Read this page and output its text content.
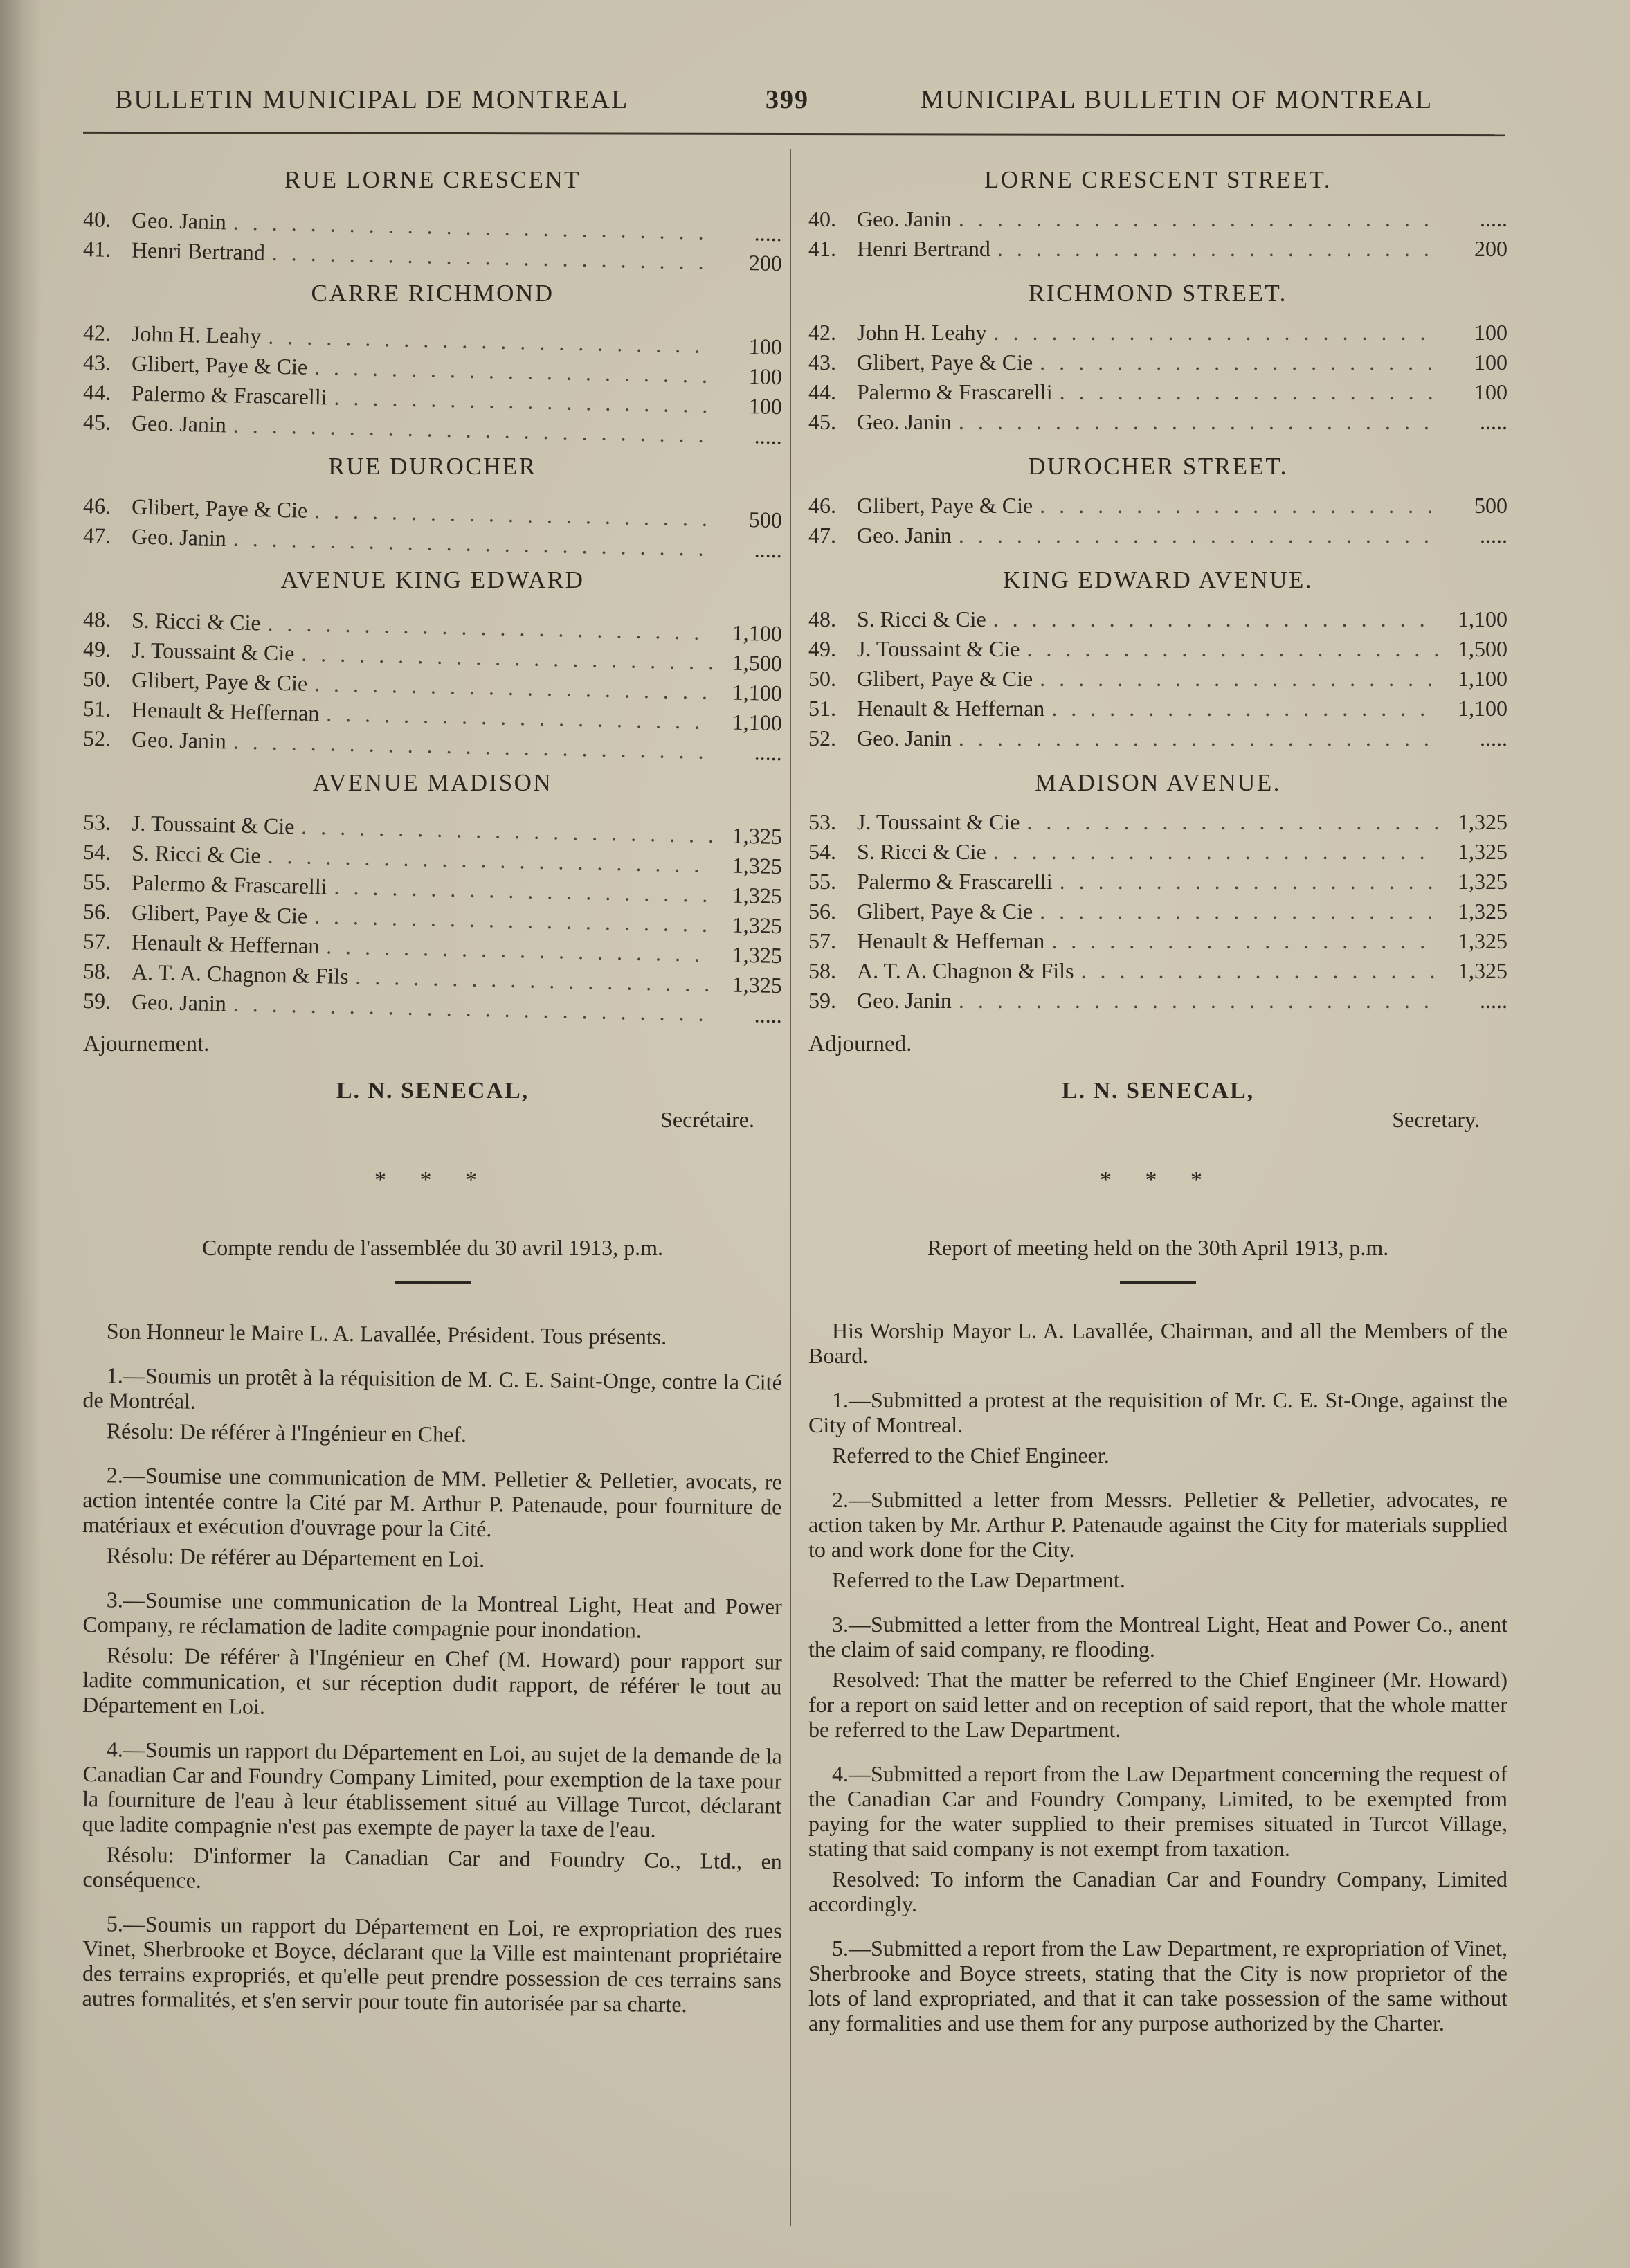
BULLETIN MUNICIPAL DE MONTREAL	399	MUNICIPAL BULLETIN OF MONTREAL
RUE LORNE CRESCENT
40. Geo. Janin . . .	.....
41. Henri Bertrand . . .	200
CARRE RICHMOND
42. John H. Leahy . . .	100
43. Glibert, Paye & Cie . . .	100
44. Palermo & Frascarelli . . .	100
45. Geo. Janin . . .	.....
RUE DUROCHER
46. Glibert, Paye & Cie . . .	500
47. Geo. Janin . . .	.....
AVENUE KING EDWARD
48. S. Ricci & Cie . . .	1,100
49. J. Toussaint & Cie . . .	1,500
50. Glibert, Paye & Cie . . .	1,100
51. Henault & Heffernan . . .	1,100
52. Geo. Janin . . .	.....
AVENUE MADISON
53. J. Toussaint & Cie . . .	1,325
54. S. Ricci & Cie . . .	1,325
55. Palermo & Frascarelli . . .	1,325
56. Glibert, Paye & Cie . . .	1,325
57. Henault & Heffernan . . .	1,325
58. A. T. A. Chagnon & Fils . . .	1,325
59. Geo. Janin . . .	.....
Ajournement.
L. N. SENECAL,
Secrétaire.
* * *
Compte rendu de l'assemblée du 30 avril 1913, p.m.

Son Honneur le Maire L. A. Lavallée, Président. Tous présents.

1.—Soumis un protêt à la réquisition de M. C. E. Saint-Onge, contre la Cité de Montréal.

Résolu: De référer à l'Ingénieur en Chef.

2.—Soumise une communication de MM. Pelletier & Pelletier, avocats, re action intentée contre la Cité par M. Arthur P. Patenaude, pour fourniture de matériaux et exécution d'ouvrage pour la Cité.

Résolu: De référer au Département en Loi.

3.—Soumise une communication de la Montreal Light, Heat and Power Company, re réclamation de ladite compagnie pour inondation.

Résolu: De référer à l'Ingénieur en Chef (M. Howard) pour rapport sur ladite communication, et sur réception dudit rapport, de référer le tout au Département en Loi.

4.—Soumis un rapport du Département en Loi, au sujet de la demande de la Canadian Car and Foundry Company Limited, pour exemption de la taxe pour la fourniture de l'eau à leur établissement situé au Village Turcot, déclarant que ladite compagnie n'est pas exempte de payer la taxe de l'eau.

Résolu: D'informer la Canadian Car and Foundry Co., Ltd., en conséquence.

5.—Soumis un rapport du Département en Loi, re expropriation des rues Vinet, Sherbrooke et Boyce, déclarant que la Ville est maintenant propriétaire des terrains expropriés, et qu'elle peut prendre possession de ces terrains sans autres formalités, et s'en servir pour toute fin autorisée par sa charte.

LORNE CRESCENT STREET.
40. Geo. Janin . . .	.....
41. Henri Bertrand . . .	200
RICHMOND STREET.
42. John H. Leahy . . .	100
43. Glibert, Paye & Cie . . .	100
44. Palermo & Frascarelli . . .	100
45. Geo. Janin . . .	.....
DUROCHER STREET.
46. Glibert, Paye & Cie . . .	500
47. Geo. Janin . . .	.....
KING EDWARD AVENUE.
48. S. Ricci & Cie . . .	1,100
49. J. Toussaint & Cie . . .	1,500
50. Glibert, Paye & Cie . . .	1,100
51. Henault & Heffernan . . .	1,100
52. Geo. Janin . . .	.....
MADISON AVENUE.
53. J. Toussaint & Cie . . .	1,325
54. S. Ricci & Cie . . .	1,325
55. Palermo & Frascarelli . . .	1,325
56. Glibert, Paye & Cie . . .	1,325
57. Henault & Heffernan . . .	1,325
58. A. T. A. Chagnon & Fils . . .	1,325
59. Geo. Janin . . .	.....
Adjourned.
L. N. SENECAL,
Secretary.
* * *
Report of meeting held on the 30th April 1913, p.m.

His Worship Mayor L. A. Lavallée, Chairman, and all the Members of the Board.

1.—Submitted a protest at the requisition of Mr. C. E. St-Onge, against the City of Montreal.

Referred to the Chief Engineer.

2.—Submitted a letter from Messrs. Pelletier & Pelletier, advocates, re action taken by Mr. Arthur P. Patenaude against the City for materials supplied to and work done for the City.

Referred to the Law Department.

3.—Submitted a letter from the Montreal Light, Heat and Power Co., anent the claim of said company, re flooding.

Resolved: That the matter be referred to the Chief Engineer (Mr. Howard) for a report on said letter and on reception of said report, that the whole matter be referred to the Law Department.

4.—Submitted a report from the Law Department concerning the request of the Canadian Car and Foundry Company, Limited, to be exempted from paying for the water supplied to their premises situated in Turcot Village, stating that said company is not exempt from taxation.

Resolved: To inform the Canadian Car and Foundry Company, Limited accordingly.

5.—Submitted a report from the Law Department, re expropriation of Vinet, Sherbrooke and Boyce streets, stating that the City is now proprietor of the lots of land expropriated, and that it can take possession of the same without any formalities and use them for any purpose authorized by the Charter.
